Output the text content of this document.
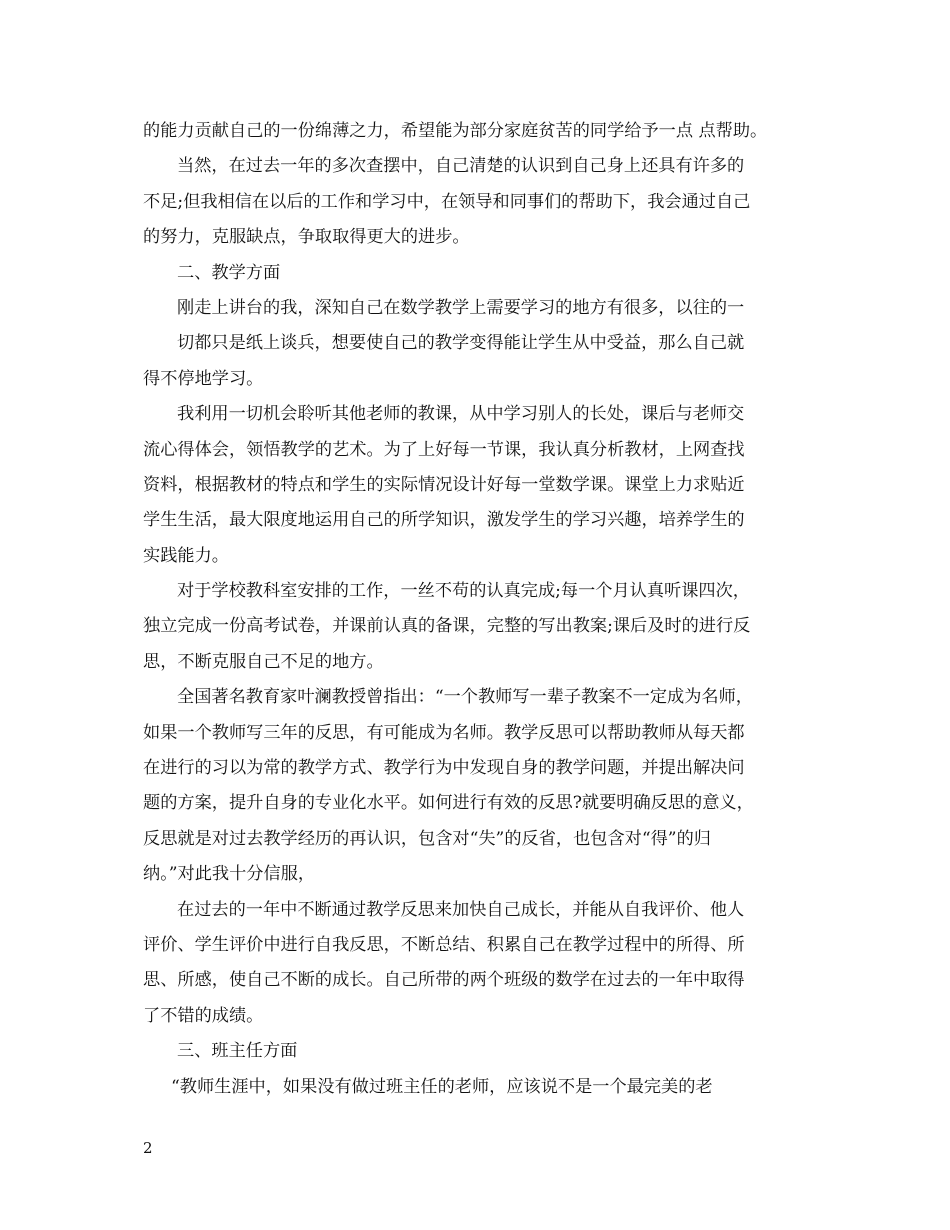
的能力贡献自己的一份绵薄之力，希望能为部分家庭贫苦的同学给予一点 点帮助。
当然，在过去一年的多次查摆中，自己清楚的认识到自己身上还具有许多的
不足;但我相信在以后的工作和学习中，在领导和同事们的帮助下，我会通过自己
的努力，克服缺点，争取取得更大的进步。
二、教学方面
刚走上讲台的我，深知自己在数学教学上需要学习的地方有很多，以往的一
切都只是纸上谈兵，想要使自己的教学变得能让学生从中受益，那么自己就
得不停地学习。
我利用一切机会聆听其他老师的教课，从中学习别人的长处，课后与老师交
流心得体会，领悟教学的艺术。为了上好每一节课，我认真分析教材，上网查找
资料，根据教材的特点和学生的实际情况设计好每一堂数学课。课堂上力求贴近
学生生活，最大限度地运用自己的所学知识，激发学生的学习兴趣，培养学生的
实践能力。
对于学校教科室安排的工作，一丝不苟的认真完成;每一个月认真听课四次，
独立完成一份高考试卷，并课前认真的备课，完整的写出教案;课后及时的进行反
思，不断克服自己不足的地方。
全国著名教育家叶澜教授曾指出：“一个教师写一辈子教案不一定成为名师，
如果一个教师写三年的反思，有可能成为名师。教学反思可以帮助教师从每天都
在进行的习以为常的教学方式、教学行为中发现自身的教学问题，并提出解决问
题的方案，提升自身的专业化水平。如何进行有效的反思?就要明确反思的意义，
反思就是对过去教学经历的再认识，包含对“失”的反省，也包含对“得”的归
纳。”对此我十分信服，
在过去的一年中不断通过教学反思来加快自己成长，并能从自我评价、他人
评价、学生评价中进行自我反思，不断总结、积累自己在教学过程中的所得、所
思、所感，使自己不断的成长。自己所带的两个班级的数学在过去的一年中取得
了不错的成绩。
三、班主任方面
“教师生涯中，如果没有做过班主任的老师，应该说不是一个最完美的老
2
